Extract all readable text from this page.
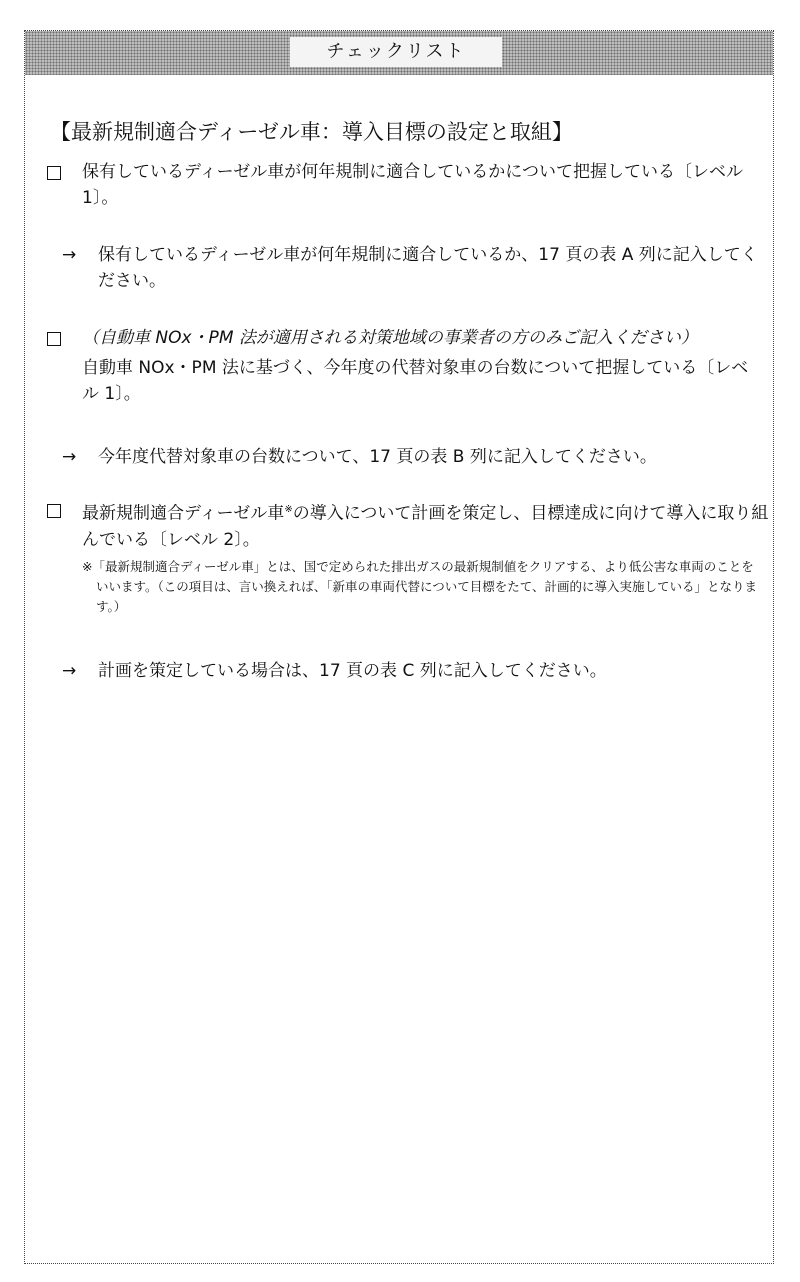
チェックリスト
【最新規制適合ディーゼル車：導入目標の設定と取組】
保有しているディーゼル車が何年規制に適合しているかについて把握している〔レベル 1〕。
→ 保有しているディーゼル車が何年規制に適合しているか、17 頁の表 A 列に記入してください。
（自動車 NOx・PM 法が適用される対策地域の事業者の方のみご記入ください）
自動車 NOx・PM 法に基づく、今年度の代替対象車の台数について把握している〔レベル 1〕。
→ 今年度代替対象車の台数について、17 頁の表 B 列に記入してください。
最新規制適合ディーゼル車※の導入について計画を策定し、目標達成に向けて導入に取り組んでいる〔レベル 2〕。
※「最新規制適合ディーゼル車」とは、国で定められた排出ガスの最新規制値をクリアする、より低公害な車両のことをいいます。（この項目は、言い換えれば、「新車の車両代替について目標をたて、計画的に導入実施している」となります。）
→ 計画を策定している場合は、17 頁の表 C 列に記入してください。
